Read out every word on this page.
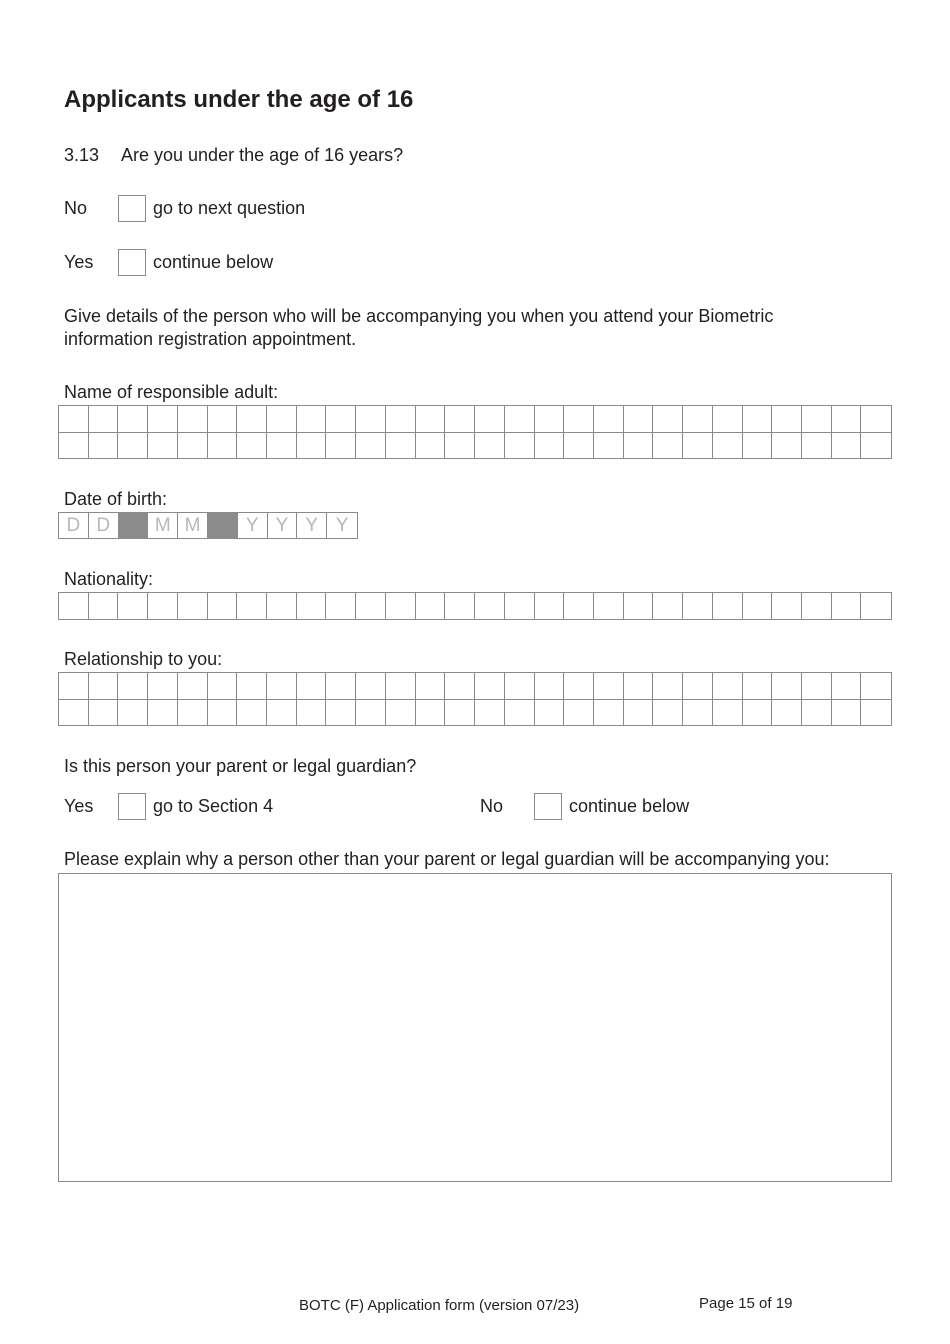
Applicants under the age of 16
3.13 Are you under the age of 16 years?
No	go to next question
Yes	continue below
Give details of the person who will be accompanying you when you attend your Biometric information registration appointment.
Name of responsible adult:
Date of birth:
D D	M M	Y Y Y Y
Nationality:
Relationship to you:
Is this person your parent or legal guardian?
Yes	go to Section 4	No	continue below
Please explain why a person other than your parent or legal guardian will be accompanying you:
BOTC (F) Application form (version 07/23)	Page 15 of 19
